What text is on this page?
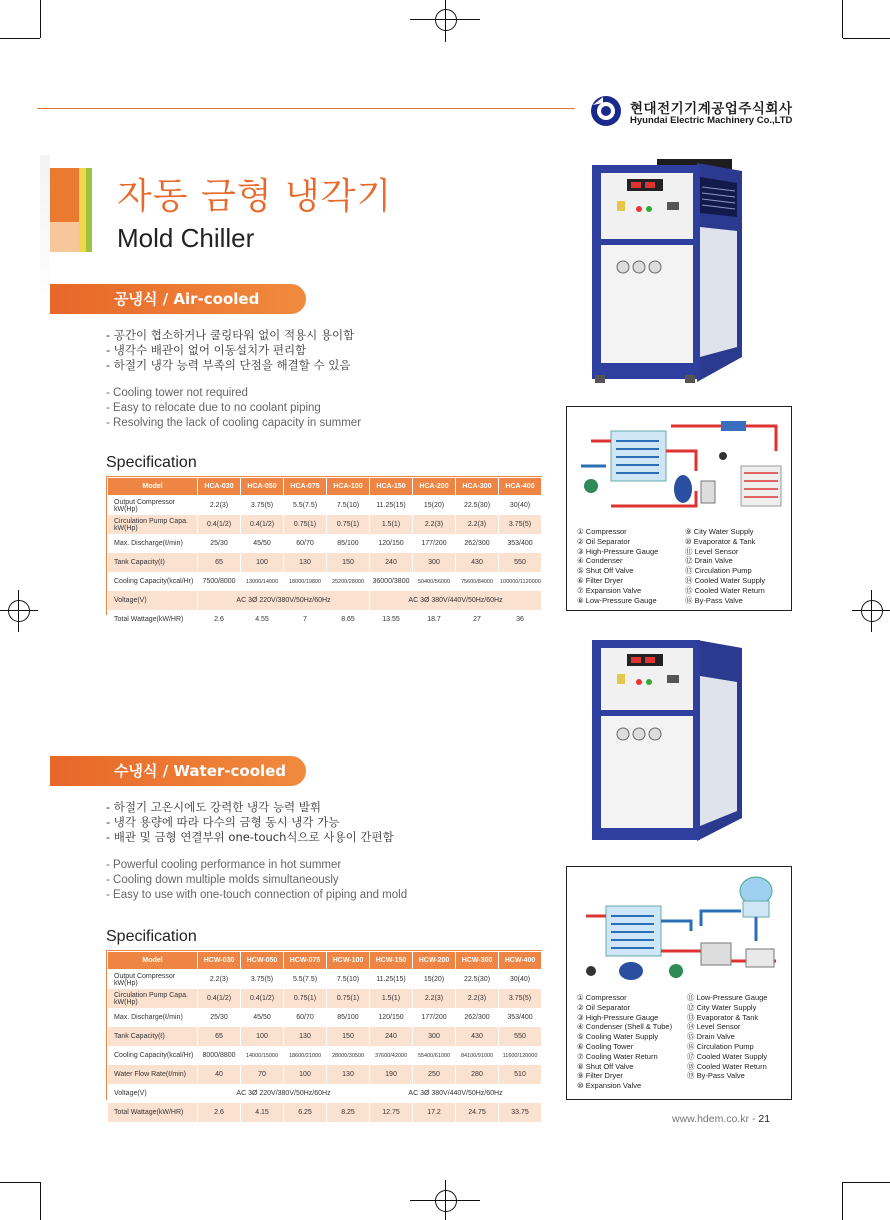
현대전기기계공업주식회사
Hyundai Electric Machinery Co.,LTD
자동 금형 냉각기
Mold Chiller
공냉식 / Air-cooled
- 공간이 협소하거나 쿨링타워 없이 적용시 용이함
- 냉각수 배관이 없어 이동설치가 편리함
- 하절기 냉각 능력 부족의 단점을 해결할 수 있음
- Cooling tower not required
- Easy to relocate due to no coolant piping
- Resolving the lack of cooling capacity in summer
Specification
Model	HCA-030	HCA-050	HCA-075	HCA-100	HCA-150	HCA-200	HCA-300	HCA-400
Output Compressor kW(Hp)	2.2(3)	3.75(5)	5.5(7.5)	7.5(10)	11.25(15)	15(20)	22.5(30)	30(40)
Circulation Pump Capa. kW(Hp)	0.4(1/2)	0.4(1/2)	0.75(1)	0.75(1)	1.5(1)	2.2(3)	2.2(3)	3.75(5)
Max. Discharge(ℓ/min)	25/30	45/50	60/70	85/100	120/150	177/200	262/300	353/400
Tank Capacity(ℓ)	65	100	130	150	240	300	430	550
Cooling Capacity(kcal/Hr)	7500/8000	13000/14000	18000/19800	25200/28000	36000/3800	50400/56000	75600/84000	100000/1120000
Voltage(V)	AC 3Ø 220V/380V/50Hz/60Hz				AC 3Ø 380V/440V/50Hz/60Hz			
Total Wattage(kW/HR)	2.6	4.55	7	8.65	13.55	18.7	27	36
① Compressor
② Oil Separator
③ High-Pressure Gauge
④ Condenser
⑤ Shut Off Valve
⑥ Filter Dryer
⑦ Expansion Valve
⑧ Low-Pressure Gauge
⑨ City Water Supply
⑩ Evaporator & Tank
⑪ Level Sensor
⑫ Drain Valve
⑬ Circulation Pump
⑭ Cooled Water Supply
⑮ Cooled Water Return
⑯ By-Pass Valve
수냉식 / Water-cooled
- 하절기 고온시에도 강력한 냉각 능력 발휘
- 냉각 용량에 따라 다수의 금형 동시 냉각 가능
- 배관 및 금형 연결부위 one-touch식으로 사용이 간편함
- Powerful cooling performance in hot summer
- Cooling down multiple molds simultaneously
- Easy to use with one-touch connection of piping and mold
Specification
Model	HCW-030	HCW-050	HCW-075	HCW-100	HCW-150	HCW-200	HCW-300	HCW-400
Output Compressor kW(Hp)	2.2(3)	3.75(5)	5.5(7.5)	7.5(10)	11.25(15)	15(20)	22.5(30)	30(40)
Circulation Pump Capa. kW(Hp)	0.4(1/2)	0.4(1/2)	0.75(1)	0.75(1)	1.5(1)	2.2(3)	2.2(3)	3.75(5)
Max. Discharge(ℓ/min)	25/30	45/50	60/70	85/100	120/150	177/200	262/300	353/400
Tank Capacity(ℓ)	65	100	130	150	240	300	430	550
Cooling Capacity(kcal/Hr)	8000/8800	14000/15000	18600/21000	28000/30500	37600/42000	55400/61000	84100/91000	11600/120000
Water Flow Rate(ℓ/min)	40	70	100	130	190	250	280	510
Voltage(V)	AC 3Ø 220V/380V/50Hz/60Hz				AC 3Ø 380V/440V/50Hz/60Hz			
Total Wattage(kW/HR)	2.6	4.15	6.25	8.25	12.75	17.2	24.75	33.75
① Compressor
② Oil Separator
③ High-Pressure Gauge
④ Condenser (Shell & Tube)
⑤ Cooling Water Supply
⑥ Cooling Tower
⑦ Cooling Water Return
⑧ Shut Off Valve
⑨ Filter Dryer
⑩ Expansion Valve
⑪ Low-Pressure Gauge
⑫ City Water Supply
⑬ Evaporator & Tank
⑭ Level Sensor
⑮ Drain Valve
⑯ Circulation Pump
⑰ Cooled Water Supply
⑱ Cooled Water Return
⑲ By-Pass Valve
www.hdem.co.kr - 21
